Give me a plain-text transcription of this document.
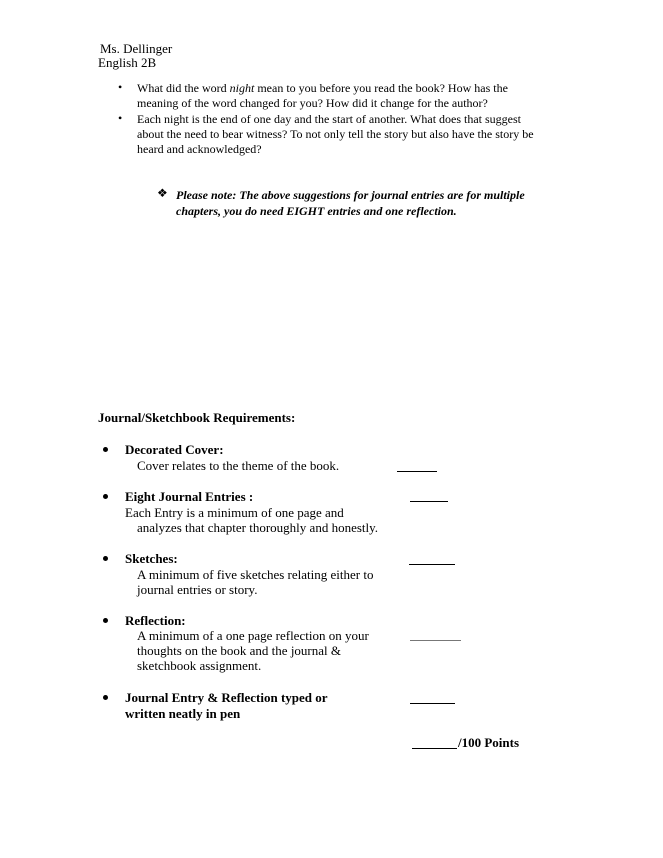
Ms. Dellinger
English 2B
• What did the word night mean to you before you read the book? How has the
meaning of the word changed for you? How did it change for the author?
• Each night is the end of one day and the start of another. What does that suggest
about the need to bear witness? To not only tell the story but also have the story be
heard and acknowledged?
❖ Please note: The above suggestions for journal entries are for multiple
chapters, you do need EIGHT entries and one reflection.
Journal/Sketchbook Requirements:
Decorated Cover:
Cover relates to the theme of the book.
Eight Journal Entries :
Each Entry is a minimum of one page and
analyzes that chapter thoroughly and honestly.
Sketches:
A minimum of five sketches relating either to
journal entries or story.
Reflection:
A minimum of a one page reflection on your
thoughts on the book and the journal &
sketchbook assignment.
Journal Entry & Reflection typed or
written neatly in pen
/100 Points
